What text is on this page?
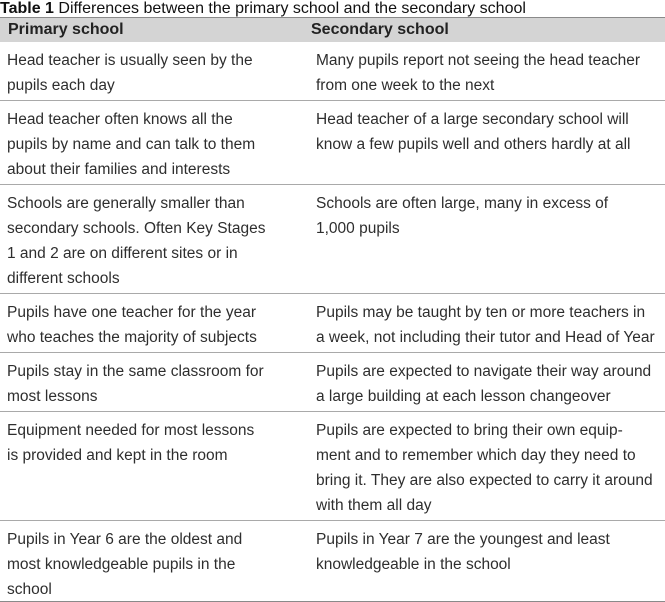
Table 1 Differences between the primary school and the secondary school
Primary school	Secondary school
Head teacher is usually seen by the
pupils each day
Many pupils report not seeing the head teacher
from one week to the next
Head teacher often knows all the
pupils by name and can talk to them
about their families and interests
Head teacher of a large secondary school will
know a few pupils well and others hardly at all
Schools are generally smaller than
secondary schools. Often Key Stages
1 and 2 are on different sites or in
different schools
Schools are often large, many in excess of
1,000 pupils
Pupils have one teacher for the year
who teaches the majority of subjects
Pupils may be taught by ten or more teachers in
a week, not including their tutor and Head of Year
Pupils stay in the same classroom for
most lessons
Pupils are expected to navigate their way around
a large building at each lesson changeover
Equipment needed for most lessons
is provided and kept in the room
Pupils are expected to bring their own equip-
ment and to remember which day they need to
bring it. They are also expected to carry it around
with them all day
Pupils in Year 6 are the oldest and
most knowledgeable pupils in the
school
Pupils in Year 7 are the youngest and least
knowledgeable in the school
